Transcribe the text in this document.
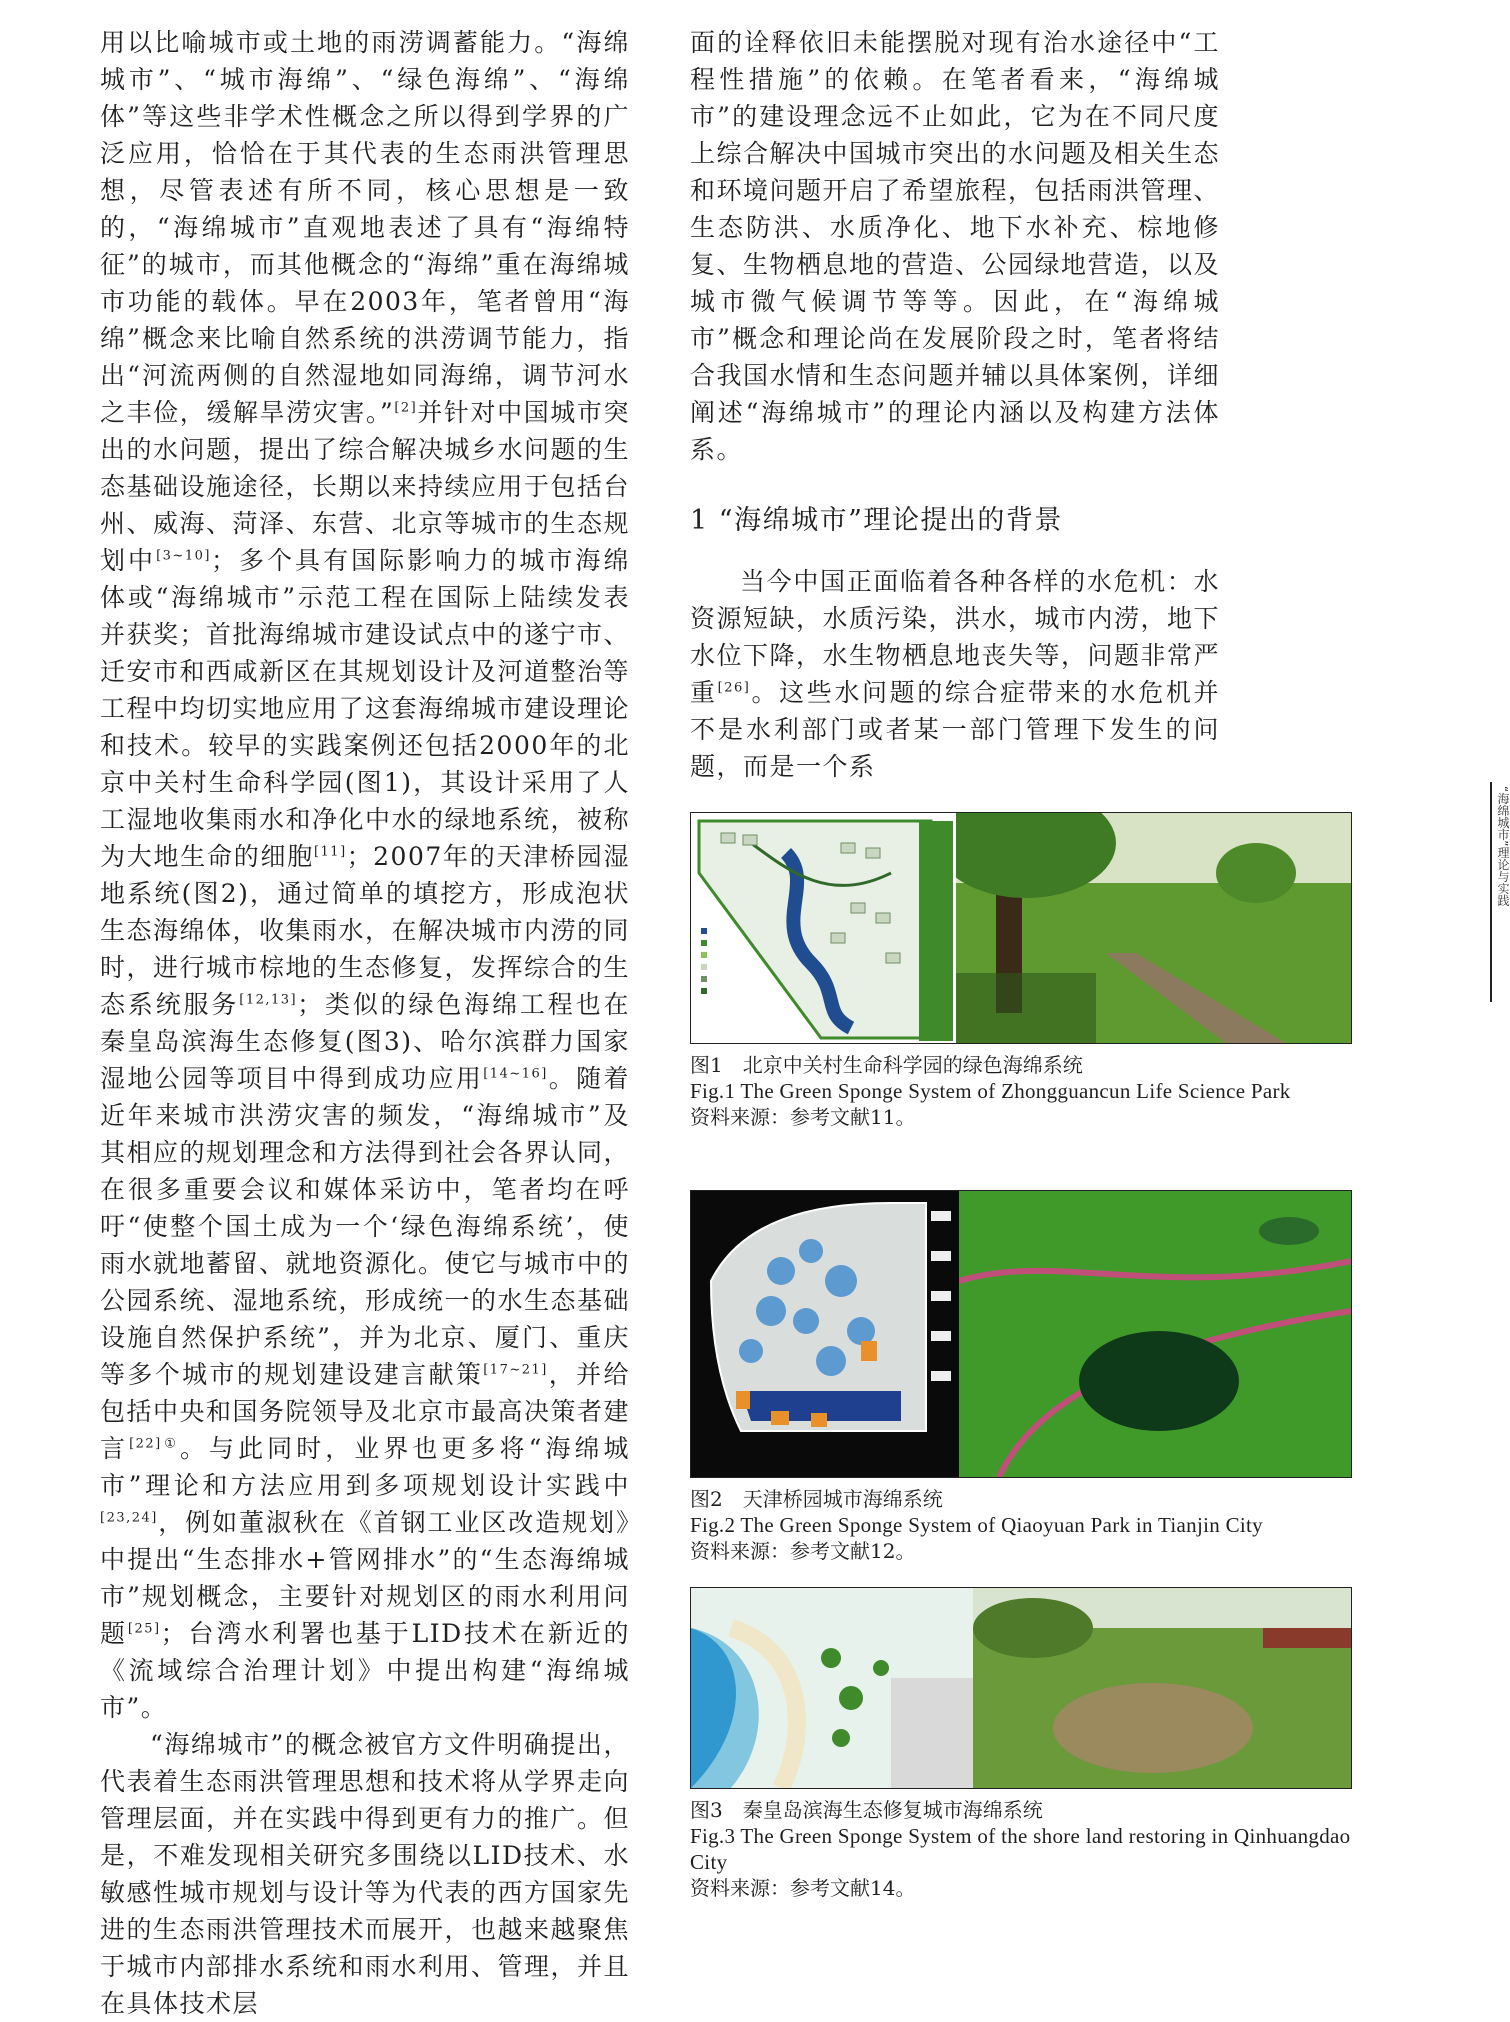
用以比喻城市或土地的雨涝调蓄能力。“海绵城市”、“城市海绵”、“绿色海绵”、“海绵体”等这些非学术性概念之所以得到学界的广泛应用，恰恰在于其代表的生态雨洪管理思想，尽管表述有所不同，核心思想是一致的，“海绵城市”直观地表述了具有“海绵特征”的城市，而其他概念的“海绵”重在海绵城市功能的载体。早在2003年，笔者曾用“海绵”概念来比喻自然系统的洪涝调节能力，指出“河流两侧的自然湿地如同海绵，调节河水之丰俭，缓解旱涝灾害。”[2]并针对中国城市突出的水问题，提出了综合解决城乡水问题的生态基础设施途径，长期以来持续应用于包括台州、威海、菏泽、东营、北京等城市的生态规划中[3~10]；多个具有国际影响力的城市海绵体或“海绵城市”示范工程在国际上陆续发表并获奖；首批海绵城市建设试点中的遂宁市、迁安市和西咸新区在其规划设计及河道整治等工程中均切实地应用了这套海绵城市建设理论和技术。较早的实践案例还包括2000年的北京中关村生命科学园(图1)，其设计采用了人工湿地收集雨水和净化中水的绿地系统，被称为大地生命的细胞[11]；2007年的天津桥园湿地系统(图2)，通过简单的填挖方，形成泡状生态海绵体，收集雨水，在解决城市内涝的同时，进行城市棕地的生态修复，发挥综合的生态系统服务[12,13]；类似的绿色海绵工程也在秦皇岛滨海生态修复(图3)、哈尔滨群力国家湿地公园等项目中得到成功应用[14~16]。随着近年来城市洪涝灾害的频发，“海绵城市”及其相应的规划理念和方法得到社会各界认同，在很多重要会议和媒体采访中，笔者均在呼吁“使整个国土成为一个‘绿色海绵系统’，使雨水就地蓄留、就地资源化。使它与城市中的公园系统、湿地系统，形成统一的水生态基础设施自然保护系统”，并为北京、厦门、重庆等多个城市的规划建设建言献策[17~21]，并给包括中央和国务院领导及北京市最高决策者建言$^{[22]①}$。与此同时，业界也更多将“海绵城市”理论和方法应用到多项规划设计实践中[23,24]，例如董淑秋在《首钢工业区改造规划》中提出“生态排水+管网排水”的“生态海绵城市”规划概念，主要针对规划区的雨水利用问题[25]；台湾水利署也基于LID技术在新近的《流域综合治理计划》中提出构建“海绵城市”。

“海绵城市”的概念被官方文件明确提出，代表着生态雨洪管理思想和技术将从学界走向管理层面，并在实践中得到更有力的推广。但是，不难发现相关研究多围绕以LID技术、水敏感性城市规划与设计等为代表的西方国家先进的生态雨洪管理技术而展开，也越来越聚焦于城市内部排水系统和雨水利用、管理，并且在具体技术层

面的诠释依旧未能摆脱对现有治水途径中“工程性措施”的依赖。在笔者看来，“海绵城市”的建设理念远不止如此，它为在不同尺度上综合解决中国城市突出的水问题及相关生态和环境问题开启了希望旅程，包括雨洪管理、生态防洪、水质净化、地下水补充、棕地修复、生物栖息地的营造、公园绿地营造，以及城市微气候调节等等。因此，在“海绵城市”概念和理论尚在发展阶段之时，笔者将结合我国水情和生态问题并辅以具体案例，详细阐述“海绵城市”的理论内涵以及构建方法体系。

1 “海绵城市”理论提出的背景

当今中国正面临着各种各样的水危机：水资源短缺，水质污染，洪水，城市内涝，地下水位下降，水生物栖息地丧失等，问题非常严重[26]。这些水问题的综合症带来的水危机并不是水利部门或者某一部门管理下发生的问题，而是一个系

图1　北京中关村生命科学园的绿色海绵系统
Fig.1 The Green Sponge System of Zhongguancun Life Science Park
资料来源：参考文献11。
图2　天津桥园城市海绵系统
Fig.2 The Green Sponge System of Qiaoyuan Park in Tianjin City
资料来源：参考文献12。
图3　秦皇岛滨海生态修复城市海绵系统
Fig.3 The Green Sponge System of the shore land restoring in Qinhuangdao City
资料来源：参考文献14。
“海绵城市”理论与实践
